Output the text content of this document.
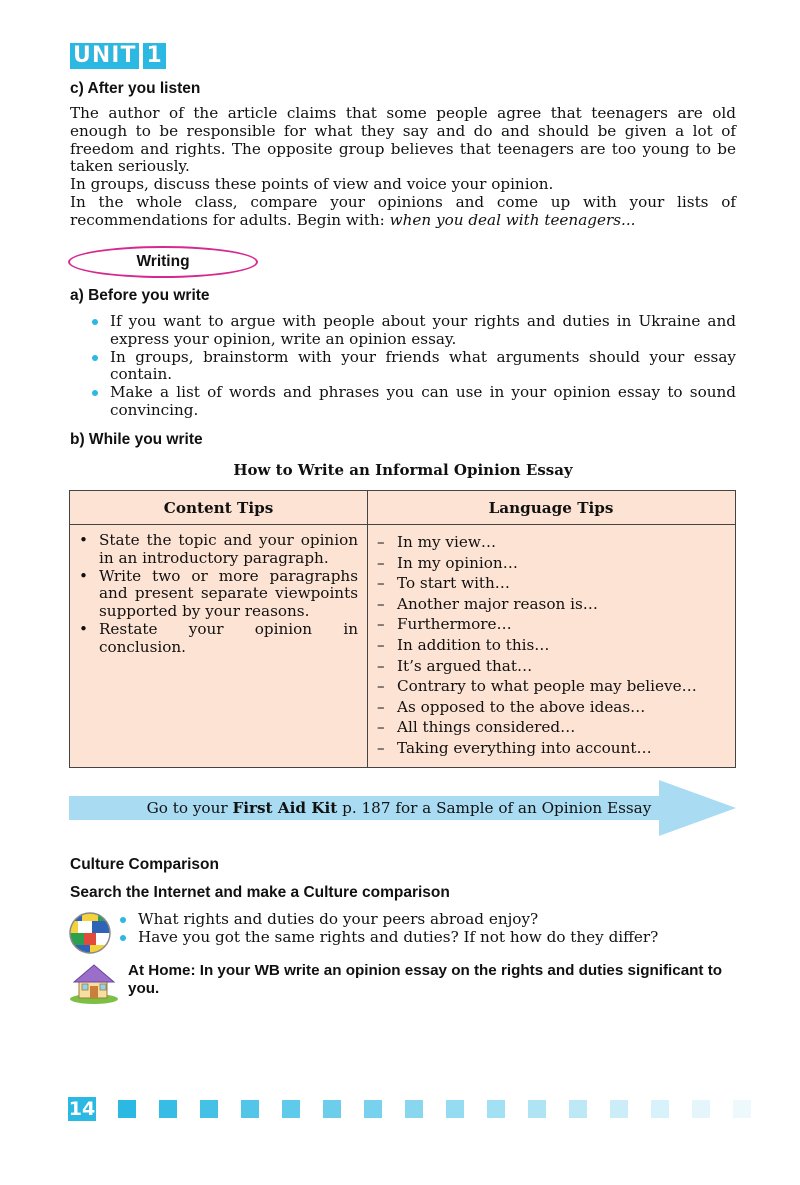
UNIT 1
c) After you listen

The author of the article claims that some people agree that teenagers are old enough to be responsible for what they say and do and should be given a lot of freedom and rights. The opposite group believes that teenagers are too young to be taken seriously.

In groups, discuss these points of view and voice your opinion.

In the whole class, compare your opinions and come up with your lists of recommendations for adults. Begin with: when you deal with teenagers...

Writing
a) Before you write
If you want to argue with people about your rights and duties in Ukraine and express your opinion, write an opinion essay.
In groups, brainstorm with your friends what arguments should your essay contain.
Make a list of words and phrases you can use in your opinion essay to sound convincing.
b) While you write
How to Write an Informal Opinion Essay
Content Tips	Language Tips
• State the topic and your opinion in an introductory paragraph.
• Write two or more paragraphs and present separate viewpoints supported by your reasons.
• Restate your opinion in conclusion.
– In my view…
– In my opinion…
– To start with…
– Another major reason is…
– Furthermore…
– In addition to this…
– It’s argued that…
– Contrary to what people may believe…
– As opposed to the above ideas…
– All things considered…
– Taking everything into account…
Go to your First Aid Kit p. 187 for a Sample of an Opinion Essay
Culture Comparison
Search the Internet and make a Culture comparison
What rights and duties do your peers abroad enjoy?
Have you got the same rights and duties? If not how do they differ?
At Home: In your WB write an opinion essay on the rights and duties significant to you.
14
